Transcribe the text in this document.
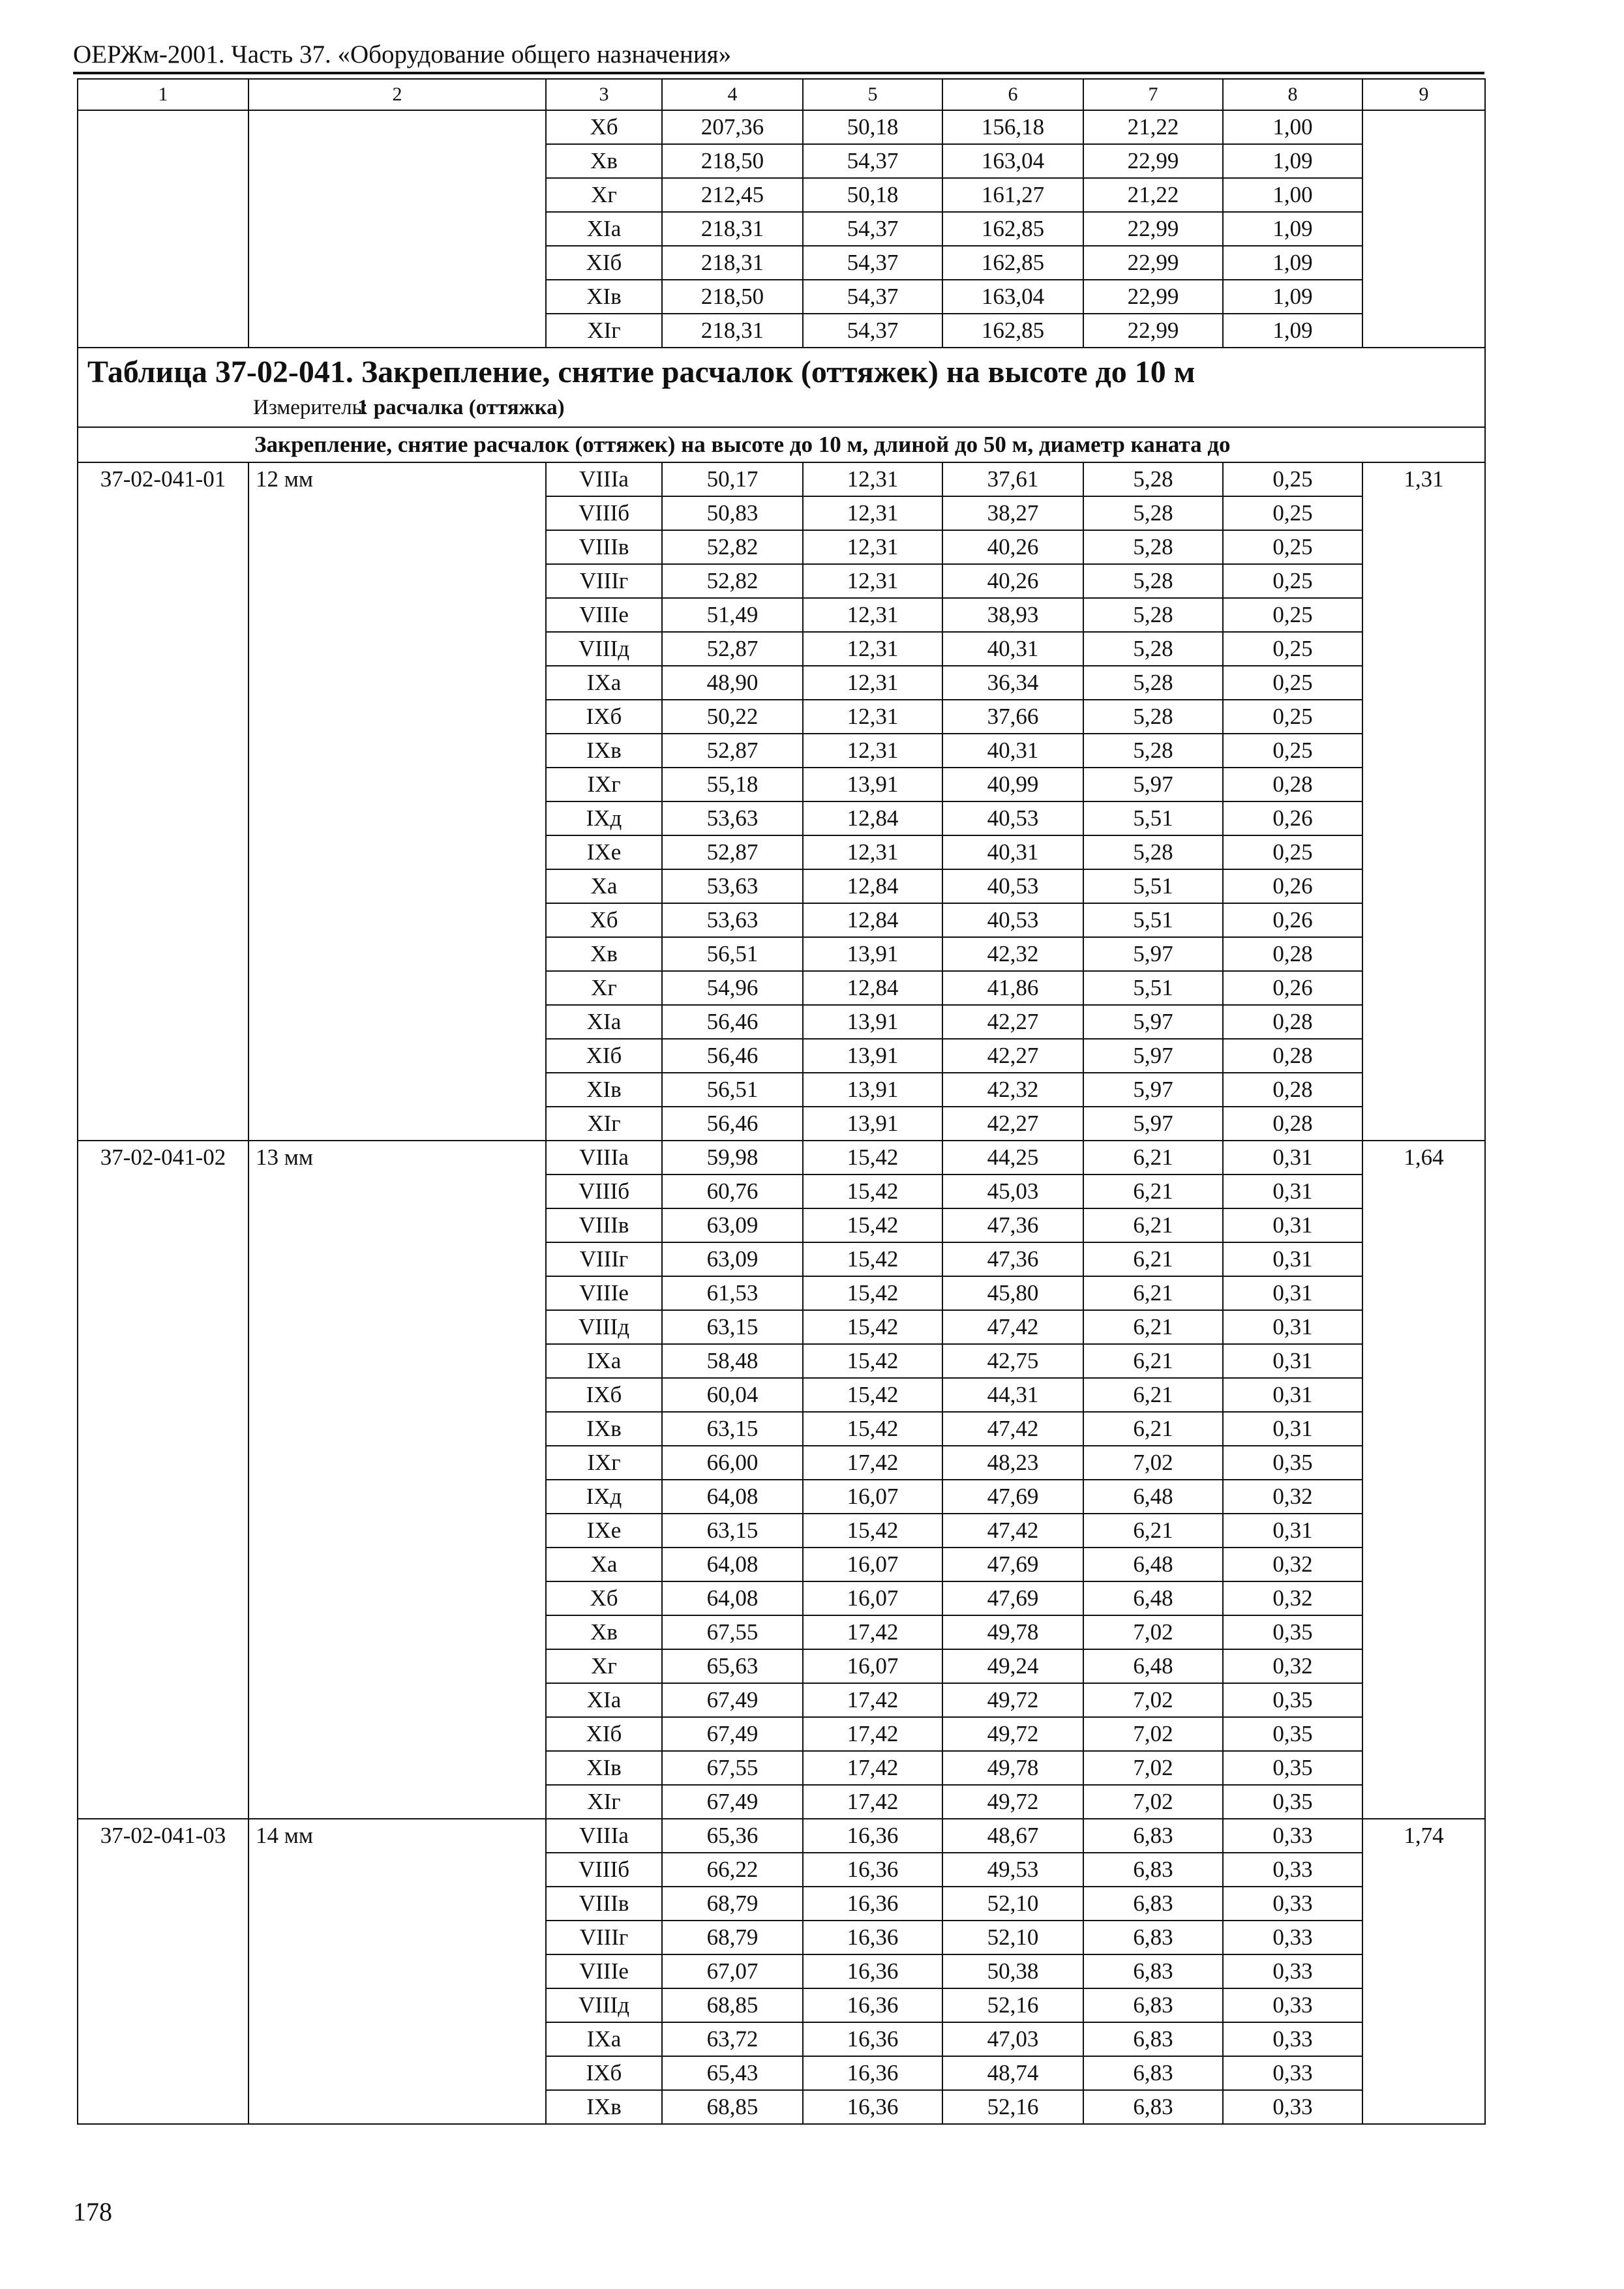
ОЕРЖм-2001. Часть 37. «Оборудование общего назначения»
1	2	3	4	5	6	7	8	9
		Xб	207,36	50,18	156,18	21,22	1,00	
		Xв	218,50	54,37	163,04	22,99	1,09	
		Xг	212,45	50,18	161,27	21,22	1,00	
		XIa	218,31	54,37	162,85	22,99	1,09	
		XIб	218,31	54,37	162,85	22,99	1,09	
		XIв	218,50	54,37	163,04	22,99	1,09	
		XIг	218,31	54,37	162,85	22,99	1,09	

Таблица 37-02-041. Закрепление, снятие расчалок (оттяжек) на высоте до 10 м
Измеритель:1 расчалка (оттяжка)								

Закрепление, снятие расчалок (оттяжек) на высоте до 10 м, длиной до 50 м, диаметр каната до								
37-02-041-01	12 мм	VIIIa	50,17	12,31	37,61	5,28	0,25	1,31
		VIIIб	50,83	12,31	38,27	5,28	0,25	
		VIIIв	52,82	12,31	40,26	5,28	0,25	
		VIIIг	52,82	12,31	40,26	5,28	0,25	
		VIIIе	51,49	12,31	38,93	5,28	0,25	
		VIIIд	52,87	12,31	40,31	5,28	0,25	
		IXa	48,90	12,31	36,34	5,28	0,25	
		IXб	50,22	12,31	37,66	5,28	0,25	
		IXв	52,87	12,31	40,31	5,28	0,25	
		IXг	55,18	13,91	40,99	5,97	0,28	
		IXд	53,63	12,84	40,53	5,51	0,26	
		IXе	52,87	12,31	40,31	5,28	0,25	
		Xa	53,63	12,84	40,53	5,51	0,26	
		Xб	53,63	12,84	40,53	5,51	0,26	
		Xв	56,51	13,91	42,32	5,97	0,28	
		Xг	54,96	12,84	41,86	5,51	0,26	
		XIa	56,46	13,91	42,27	5,97	0,28	
		XIб	56,46	13,91	42,27	5,97	0,28	
		XIв	56,51	13,91	42,32	5,97	0,28	
		XIг	56,46	13,91	42,27	5,97	0,28	
37-02-041-02	13 мм	VIIIa	59,98	15,42	44,25	6,21	0,31	1,64
		VIIIб	60,76	15,42	45,03	6,21	0,31	
		VIIIв	63,09	15,42	47,36	6,21	0,31	
		VIIIг	63,09	15,42	47,36	6,21	0,31	
		VIIIе	61,53	15,42	45,80	6,21	0,31	
		VIIIд	63,15	15,42	47,42	6,21	0,31	
		IXa	58,48	15,42	42,75	6,21	0,31	
		IXб	60,04	15,42	44,31	6,21	0,31	
		IXв	63,15	15,42	47,42	6,21	0,31	
		IXг	66,00	17,42	48,23	7,02	0,35	
		IXд	64,08	16,07	47,69	6,48	0,32	
		IXе	63,15	15,42	47,42	6,21	0,31	
		Xa	64,08	16,07	47,69	6,48	0,32	
		Xб	64,08	16,07	47,69	6,48	0,32	
		Xв	67,55	17,42	49,78	7,02	0,35	
		Xг	65,63	16,07	49,24	6,48	0,32	
		XIa	67,49	17,42	49,72	7,02	0,35	
		XIб	67,49	17,42	49,72	7,02	0,35	
		XIв	67,55	17,42	49,78	7,02	0,35	
		XIг	67,49	17,42	49,72	7,02	0,35	
37-02-041-03	14 мм	VIIIa	65,36	16,36	48,67	6,83	0,33	1,74
		VIIIб	66,22	16,36	49,53	6,83	0,33	
		VIIIв	68,79	16,36	52,10	6,83	0,33	
		VIIIг	68,79	16,36	52,10	6,83	0,33	
		VIIIе	67,07	16,36	50,38	6,83	0,33	
		VIIIд	68,85	16,36	52,16	6,83	0,33	
		IXa	63,72	16,36	47,03	6,83	0,33	
		IXб	65,43	16,36	48,74	6,83	0,33	
		IXв	68,85	16,36	52,16	6,83	0,33	
178
